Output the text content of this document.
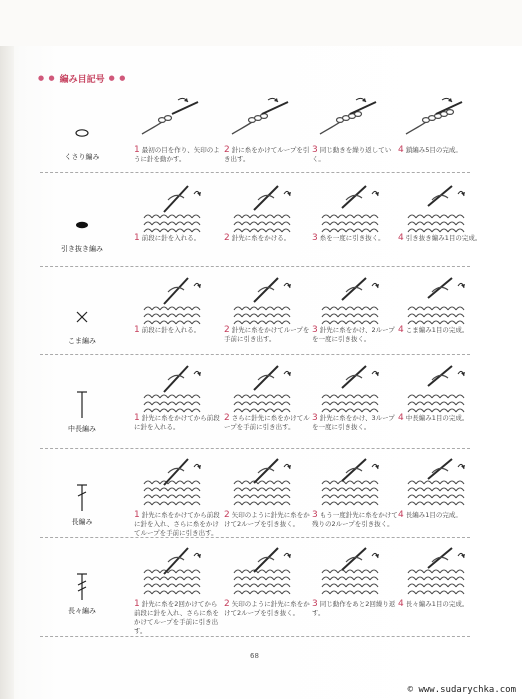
● ● 編み目記号 ● ●
くさり編み
1 最初の目を作り、矢印のように針を動かす。
2 針に糸をかけてループを引き出す。
3 同じ動きを繰り返していく。
4 鎖編み5目の完成。
引き抜き編み
1 前段に針を入れる。	2 針先に糸をかける。	3 糸を一度に引き抜く。	4 引き抜き編み1目の完成。
こま編み
1 前段に針を入れる。	2 針先に糸をかけてループを手前に引き出す。
3 針先に糸をかけ、2ループを一度に引き抜く。
4 こま編み1目の完成。
中長編み
1 針先に糸をかけてから前段に針を入れる。
2 さらに針先に糸をかけてループを手前に引き出す。
3 針先に糸をかけ、3ループを一度に引き抜く。
4 中長編み1目の完成。
長編み
1 針先に糸をかけてから前段に針を入れ、さらに糸をかけてループを手前に引き出す。
2 矢印のように針先に糸をかけて2ループを引き抜く。
3 もう一度針先に糸をかけて残りの2ループを引き抜く。
4 長編み1目の完成。
長々編み
1 針先に糸を2回かけてから前段に針を入れ、さらに糸をかけてループを手前に引き出す。
2 矢印のように針先に糸をかけて2ループを引き抜く。
3 同じ動作をあと2回繰り返す。
4 長々編み1目の完成。
68
© www.sudarychka.com
